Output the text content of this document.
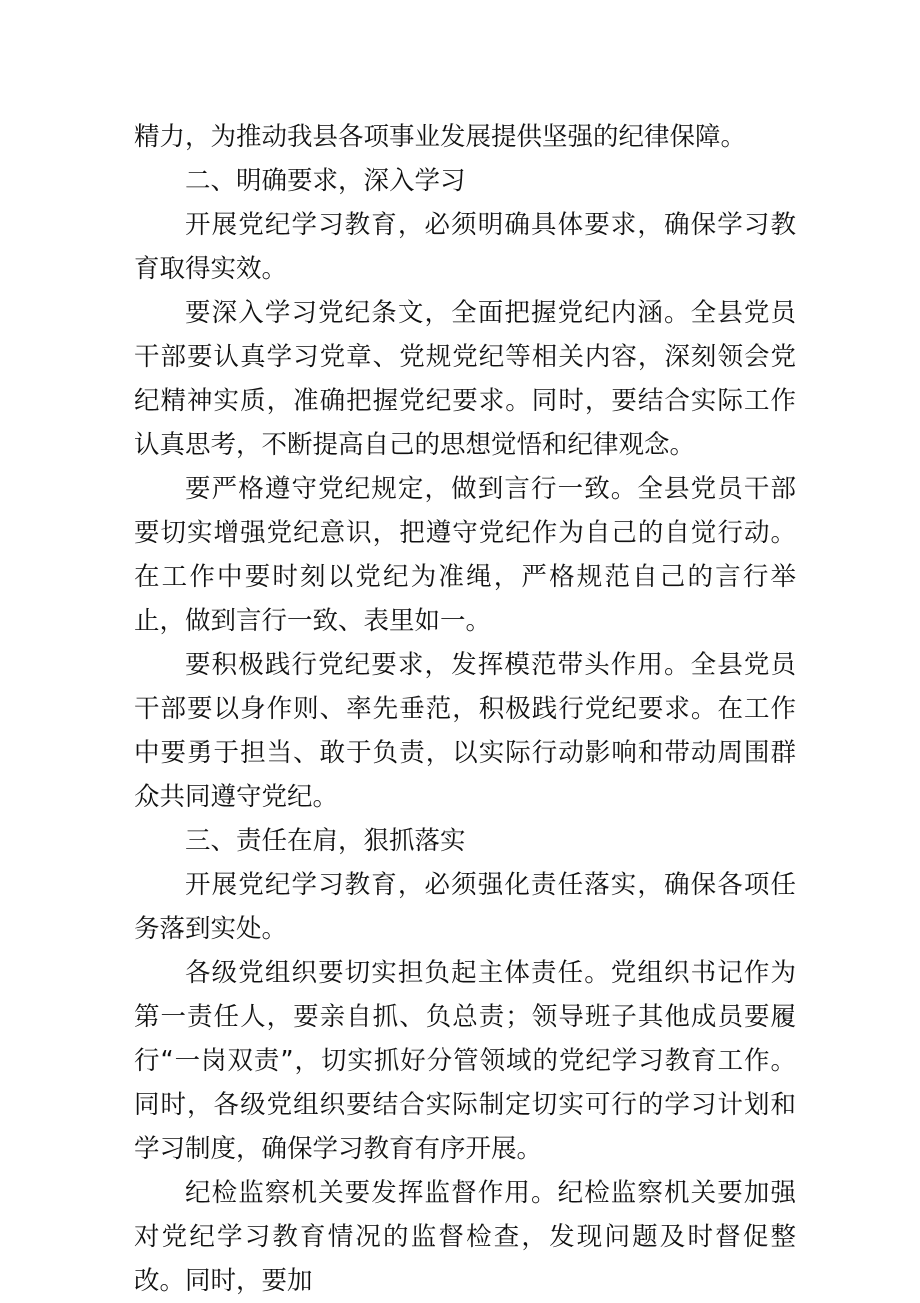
精力，为推动我县各项事业发展提供坚强的纪律保障。

二、明确要求，深入学习

开展党纪学习教育，必须明确具体要求，确保学习教育取得实效。

要深入学习党纪条文，全面把握党纪内涵。全县党员干部要认真学习党章、党规党纪等相关内容，深刻领会党纪精神实质，准确把握党纪要求。同时，要结合实际工作认真思考，不断提高自己的思想觉悟和纪律观念。

要严格遵守党纪规定，做到言行一致。全县党员干部要切实增强党纪意识，把遵守党纪作为自己的自觉行动。在工作中要时刻以党纪为准绳，严格规范自己的言行举止，做到言行一致、表里如一。

要积极践行党纪要求，发挥模范带头作用。全县党员干部要以身作则、率先垂范，积极践行党纪要求。在工作中要勇于担当、敢于负责，以实际行动影响和带动周围群众共同遵守党纪。

三、责任在肩，狠抓落实

开展党纪学习教育，必须强化责任落实，确保各项任务落到实处。

各级党组织要切实担负起主体责任。党组织书记作为第一责任人，要亲自抓、负总责；领导班子其他成员要履行“一岗双责”，切实抓好分管领域的党纪学习教育工作。同时，各级党组织要结合实际制定切实可行的学习计划和学习制度，确保学习教育有序开展。

纪检监察机关要发挥监督作用。纪检监察机关要加强对党纪学习教育情况的监督检查，发现问题及时督促整改。同时，要加
